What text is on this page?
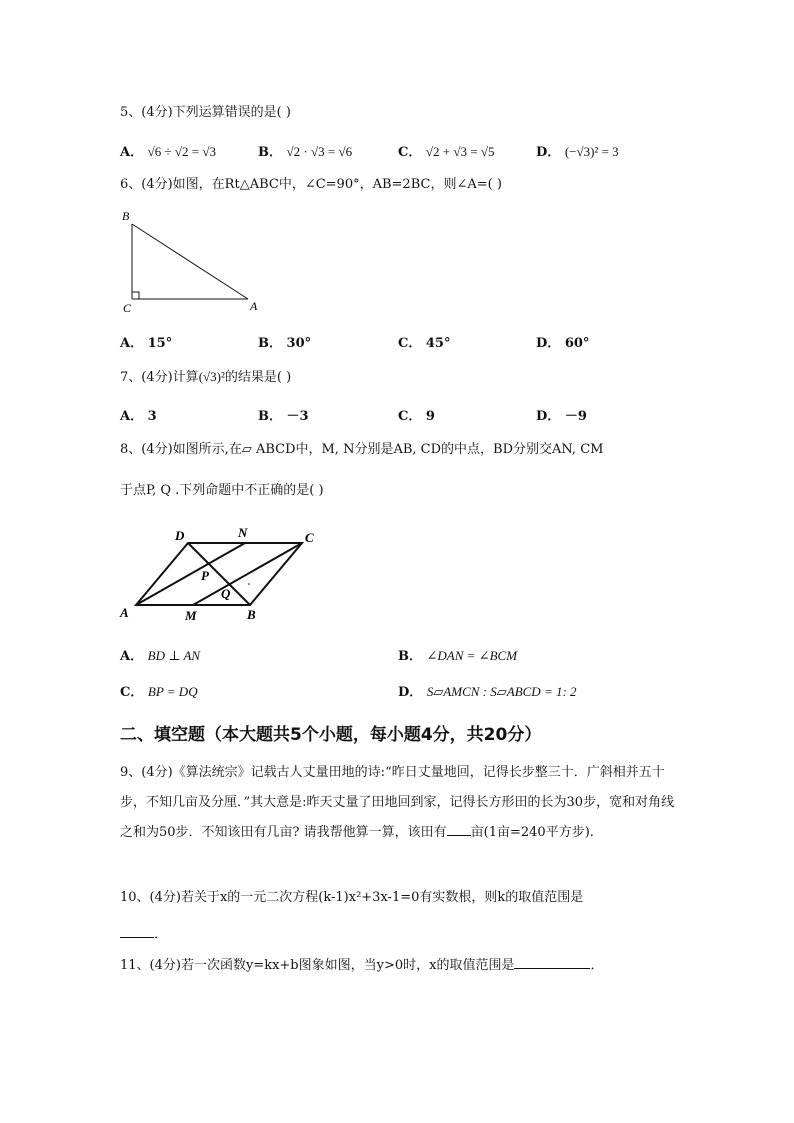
5、(4分)下列运算错误的是( )
A． √6 ÷ √2 = √3	B． √2 · √3 = √6	C． √2 + √3 = √5	D． (−√3)² = 3
6、(4分)如图，在Rt△ABC中，∠C=90°，AB=2BC，则∠A=( )
B
C	A
A． 15°	B． 30°	C． 45°	D． 60°
7、(4分)计算(√3)²的结果是( )
A． 3	B． －3	C． 9	D． －9
8、(4分)如图所示,在▱ ABCD中，M, N分别是AB, CD的中点，BD分别交AN, CM
于点P, Q .下列命题中不正确的是( )
D	N	C
P
Q
A	M	B
A． BD ⊥ AN	B． ∠DAN = ∠BCM
C． BP = DQ	D． S▱AMCN : S▱ABCD = 1: 2
二、填空题（本大题共5个小题，每小题4分，共20分）
9、(4分)《算法统宗》记载古人丈量田地的诗:“昨日丈量地回，记得长步整三十．广斜相并五十步，不知几亩及分厘．”其大意是:昨天丈量了田地回到家，记得长方形田的长为30步，宽和对角线之和为50步．不知该田有几亩? 请我帮他算一算，该田有 亩(1亩=240平方步).
10、(4分)若关于x的一元二次方程(k-1)x²+3x-1=0有实数根，则k的取值范围是
．
11、(4分)若一次函数y=kx+b图象如图，当y>0时，x的取值范围是	．
